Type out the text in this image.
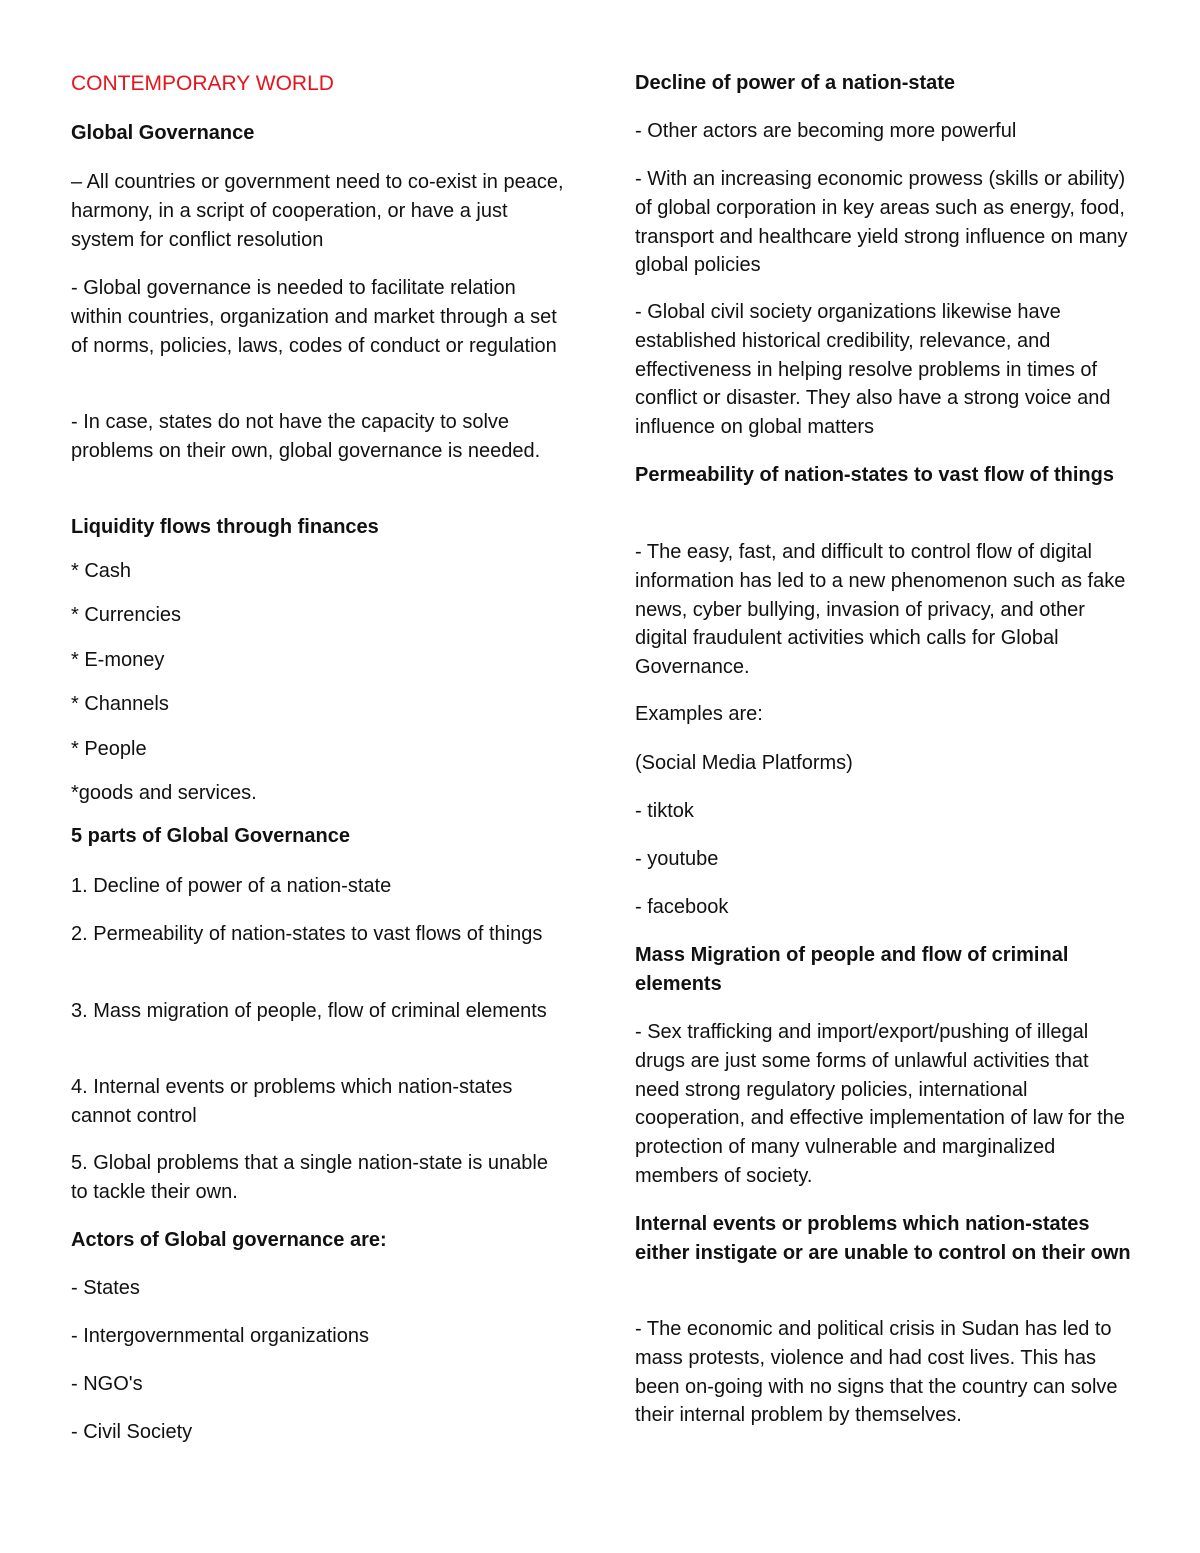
CONTEMPORARY WORLD

Global Governance

– All countries or government need to co-exist in peace, harmony, in a script of cooperation, or have a just system for conflict resolution

- Global governance is needed to facilitate relation within countries, organization and market through a set of norms, policies, laws, codes of conduct or regulation

- In case, states do not have the capacity to solve problems on their own, global governance is needed.

Liquidity flows through finances

* Cash

* Currencies

* E-money

* Channels

* People

*goods and services.

5 parts of Global Governance

1. Decline of power of a nation-state

2. Permeability of nation-states to vast flows of things

3. Mass migration of people, flow of criminal elements

4. Internal events or problems which nation-states cannot control

5. Global problems that a single nation-state is unable to tackle their own.

Actors of Global governance are:

- States

- Intergovernmental organizations

- NGO's

- Civil Society

Decline of power of a nation-state

- Other actors are becoming more powerful

- With an increasing economic prowess (skills or ability) of global corporation in key areas such as energy, food, transport and healthcare yield strong influence on many global policies

- Global civil society organizations likewise have established historical credibility, relevance, and effectiveness in helping resolve problems in times of conflict or disaster. They also have a strong voice and influence on global matters

Permeability of nation-states to vast flow of things

- The easy, fast, and difficult to control flow of digital information has led to a new phenomenon such as fake news, cyber bullying, invasion of privacy, and other digital fraudulent activities which calls for Global Governance.

Examples are:

(Social Media Platforms)

- tiktok

- youtube

- facebook

Mass Migration of people and flow of criminal elements

- Sex trafficking and import/export/pushing of illegal drugs are just some forms of unlawful activities that need strong regulatory policies, international cooperation, and effective implementation of law for the protection of many vulnerable and marginalized members of society.

Internal events or problems which nation-states either instigate or are unable to control on their own

- The economic and political crisis in Sudan has led to mass protests, violence and had cost lives. This has been on-going with no signs that the country can solve their internal problem by themselves.
